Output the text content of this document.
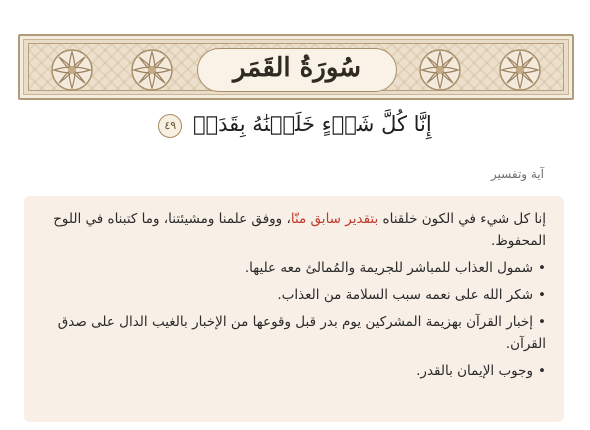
سُورَةُ القَمَر
إِنَّا كُلَّ شَيۡءٍ خَلَقۡنَٰهُ بِقَدَرٖ ٤٩
آية وتفسير

إنا كل شيء في الكون خلقناه بتقدير سابق منّا، ووفق علمنا ومشيئتنا، وما كتبناه في اللوح المحفوظ.

•شمول العذاب للمباشر للجريمة والمُمالئ معه عليها.
•شكر الله على نعمه سبب السلامة من العذاب.
•إخبار القرآن بهزيمة المشركين يوم بدر قبل وقوعها من الإخبار بالغيب الدال على صدق القرآن.
•وجوب الإيمان بالقدر.
